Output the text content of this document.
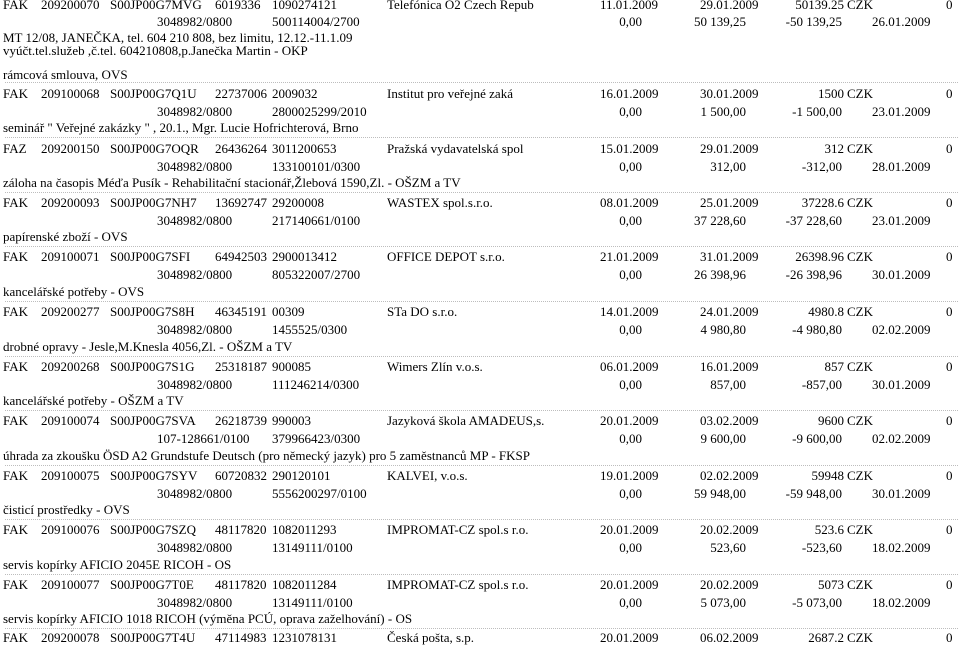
FAK 209200070 S00JP00G7MVG 6019336 1090274121	Telefónica O2 Czech Repub	11.01.2009	29.01.2009	50139.25 CZK	0
3048982/0800	500114004/2700	0,00	50 139,25	-50 139,25 26.01.2009
MT 12/08, JANEČKA, tel. 604 210 808, bez limitu, 12.12.-11.1.09
vyúčt.tel.služeb ,č.tel. 604210808,p.Janečka Martin - OKP
rámcová smlouva, OVS
FAK 209100068 S00JP00G7Q1U 22737006 2009032	Institut pro veřejné zaká	16.01.2009	30.01.2009	1500 CZK	0
3048982/0800	2800025299/2010	0,00	1 500,00	-1 500,00 23.01.2009
seminář " Veřejné zakázky " , 20.1., Mgr. Lucie Hofrichterová, Brno
FAZ 209200150 S00JP00G7OQR 26436264 3011200653	Pražská vydavatelská spol	15.01.2009	29.01.2009	312 CZK	0
3048982/0800	133100101/0300	0,00	312,00	-312,00 28.01.2009
záloha na časopis Méďa Pusík - Rehabilitační stacionář,Žlebová 1590,Zl. - OŠZM a TV
FAK 209200093 S00JP00G7NH7 13692747 29200008	WASTEX spol.s.r.o.	08.01.2009	25.01.2009	37228.6 CZK	0
3048982/0800	217140661/0100	0,00	37 228,60	-37 228,60 23.01.2009
papírenské zboží - OVS
FAK 209100071 S00JP00G7SFI 64942503 2900013412	OFFICE DEPOT s.r.o.	21.01.2009	31.01.2009	26398.96 CZK	0
3048982/0800	805322007/2700	0,00	26 398,96	-26 398,96 30.01.2009
kancelářské potřeby - OVS
FAK 209200277 S00JP00G7S8H 46345191 00309	STa DO s.r.o.	14.01.2009	24.01.2009	4980.8 CZK	0
3048982/0800	1455525/0300	0,00	4 980,80	-4 980,80 02.02.2009
drobné opravy - Jesle,M.Knesla 4056,Zl. - OŠZM a TV
FAK 209200268 S00JP00G7S1G 25318187 900085	Wimers Zlín v.o.s.	06.01.2009	16.01.2009	857 CZK	0
3048982/0800	111246214/0300	0,00	857,00	-857,00 30.01.2009
kancelářské potřeby - OŠZM a TV
FAK 209100074 S00JP00G7SVA 26218739 990003	Jazyková škola AMADEUS,s.	20.01.2009	03.02.2009	9600 CZK	0
107-128661/0100 379966423/0300	0,00	9 600,00	-9 600,00 02.02.2009
úhrada za zkoušku ÖSD A2 Grundstufe Deutsch (pro německý jazyk) pro 5 zaměstnanců MP - FKSP
FAK 209100075 S00JP00G7SYV 60720832 290120101	KALVEI, v.o.s.	19.01.2009	02.02.2009	59948 CZK	0
3048982/0800	5556200297/0100	0,00	59 948,00	-59 948,00 30.01.2009
čisticí prostředky - OVS
FAK 209100076 S00JP00G7SZQ 48117820 1082011293	IMPROMAT-CZ spol.s r.o.	20.01.2009	20.02.2009	523.6 CZK	0
3048982/0800	13149111/0100	0,00	523,60	-523,60 18.02.2009
servis kopírky AFICIO 2045E RICOH - OS
FAK 209100077 S00JP00G7T0E 48117820 1082011284	IMPROMAT-CZ spol.s r.o.	20.01.2009	20.02.2009	5073 CZK	0
3048982/0800	13149111/0100	0,00	5 073,00	-5 073,00 18.02.2009
servis kopírky AFICIO 1018 RICOH (výměna PCÚ, oprava zaželhování) - OS
FAK 209200078 S00JP00G7T4U 47114983 1231078131	Česká pošta, s.p.	20.01.2009	06.02.2009	2687.2 CZK	0
